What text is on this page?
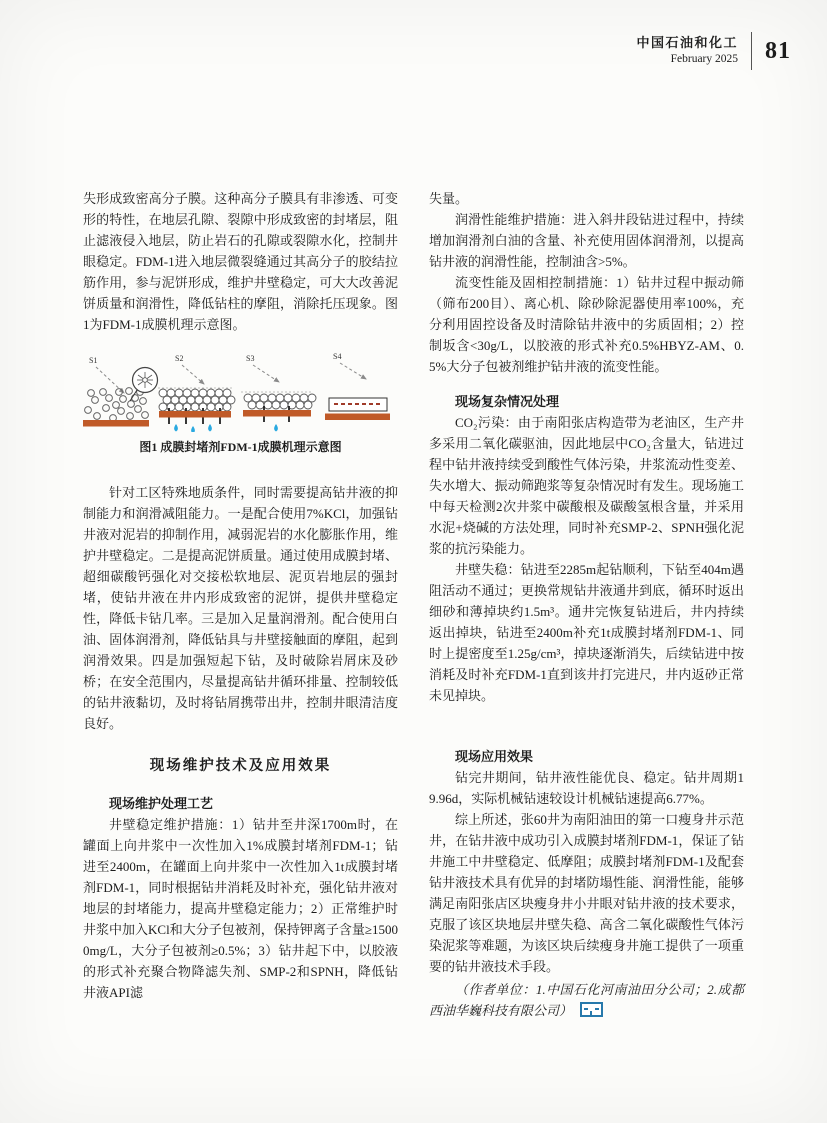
中国石油和化工
February 2025 81

失形成致密高分子膜。这种高分子膜具有非渗透、可变形的特性，在地层孔隙、裂隙中形成致密的封堵层，阻止滤液侵入地层，防止岩石的孔隙或裂隙水化，控制井眼稳定。FDM-1进入地层微裂缝通过其高分子的胶结拉筋作用，参与泥饼形成，维护井壁稳定，可大大改善泥饼质量和润滑性，降低钻柱的摩阻，消除托压现象。图1为FDM-1成膜机理示意图。

S1	S2	S3	S4
图1 成膜封堵剂FDM-1成膜机理示意图

针对工区特殊地质条件，同时需要提高钻井液的抑制能力和润滑减阻能力。一是配合使用7%KCl，加强钻井液对泥岩的抑制作用，减弱泥岩的水化膨胀作用，维护井壁稳定。二是提高泥饼质量。通过使用成膜封堵、超细碳酸钙强化对交接松软地层、泥页岩地层的强封堵，使钻井液在井内形成致密的泥饼，提供井壁稳定性，降低卡钻几率。三是加入足量润滑剂。配合使用白油、固体润滑剂，降低钻具与井壁接触面的摩阻，起到润滑效果。四是加强短起下钻，及时破除岩屑床及砂桥；在安全范围内，尽量提高钻井循环排量、控制较低的钻井液黏切，及时将钻屑携带出井，控制井眼清洁度良好。

现场维护技术及应用效果

现场维护处理工艺

井壁稳定维护措施：1）钻井至井深1700m时，在罐面上向井浆中一次性加入1%成膜封堵剂FDM-1；钻进至2400m，在罐面上向井浆中一次性加入1t成膜封堵剂FDM-1，同时根据钻井消耗及时补充，强化钻井液对地层的封堵能力，提高井壁稳定能力；2）正常维护时井浆中加入KCl和大分子包被剂，保持钾离子含量≥15000mg/L，大分子包被剂≥0.5%；3）钻井起下中，以胶液的形式补充聚合物降滤失剂、SMP-2和SPNH，降低钻井液API滤

失量。

润滑性能维护措施：进入斜井段钻进过程中，持续增加润滑剂白油的含量、补充使用固体润滑剂，以提高钻井液的润滑性能，控制油含>5%。

流变性能及固相控制措施：1）钻井过程中振动筛（筛布200目）、离心机、除砂除泥器使用率100%，充分利用固控设备及时清除钻井液中的劣质固相；2）控制坂含<30g/L，以胶液的形式补充0.5%HBYZ-AM、0.5%大分子包被剂维护钻井液的流变性能。

现场复杂情况处理

CO₂污染：由于南阳张店构造带为老油区，生产井多采用二氧化碳驱油，因此地层中CO₂含量大，钻进过程中钻井液持续受到酸性气体污染，井浆流动性变差、失水增大、振动筛跑浆等复杂情况时有发生。现场施工中每天检测2次井浆中碳酸根及碳酸氢根含量，并采用水泥+烧碱的方法处理，同时补充SMP-2、SPNH强化泥浆的抗污染能力。

井壁失稳：钻进至2285m起钻顺利，下钻至404m遇阻活动不通过；更换常规钻井液通井到底，循环时返出细砂和薄掉块约1.5m³。通井完恢复钻进后，井内持续返出掉块，钻进至2400m补充1t成膜封堵剂FDM-1、同时上提密度至1.25g/cm³，掉块逐渐消失，后续钻进中按消耗及时补充FDM-1直到该井打完进尺，井内返砂正常未见掉块。

现场应用效果

钻完井期间，钻井液性能优良、稳定。钻井周期19.96d，实际机械钻速较设计机械钻速提高6.77%。

综上所述，张60井为南阳油田的第一口瘦身井示范井，在钻井液中成功引入成膜封堵剂FDM-1，保证了钻井施工中井壁稳定、低摩阻；成膜封堵剂FDM-1及配套钻井液技术具有优异的封堵防塌性能、润滑性能，能够满足南阳张店区块瘦身井小井眼对钻井液的技术要求，克服了该区块地层井壁失稳、高含二氧化碳酸性气体污染泥浆等难题，为该区块后续瘦身井施工提供了一项重要的钻井液技术手段。

（作者单位：1.中国石化河南油田分公司；2.成都西油华巍科技有限公司）
